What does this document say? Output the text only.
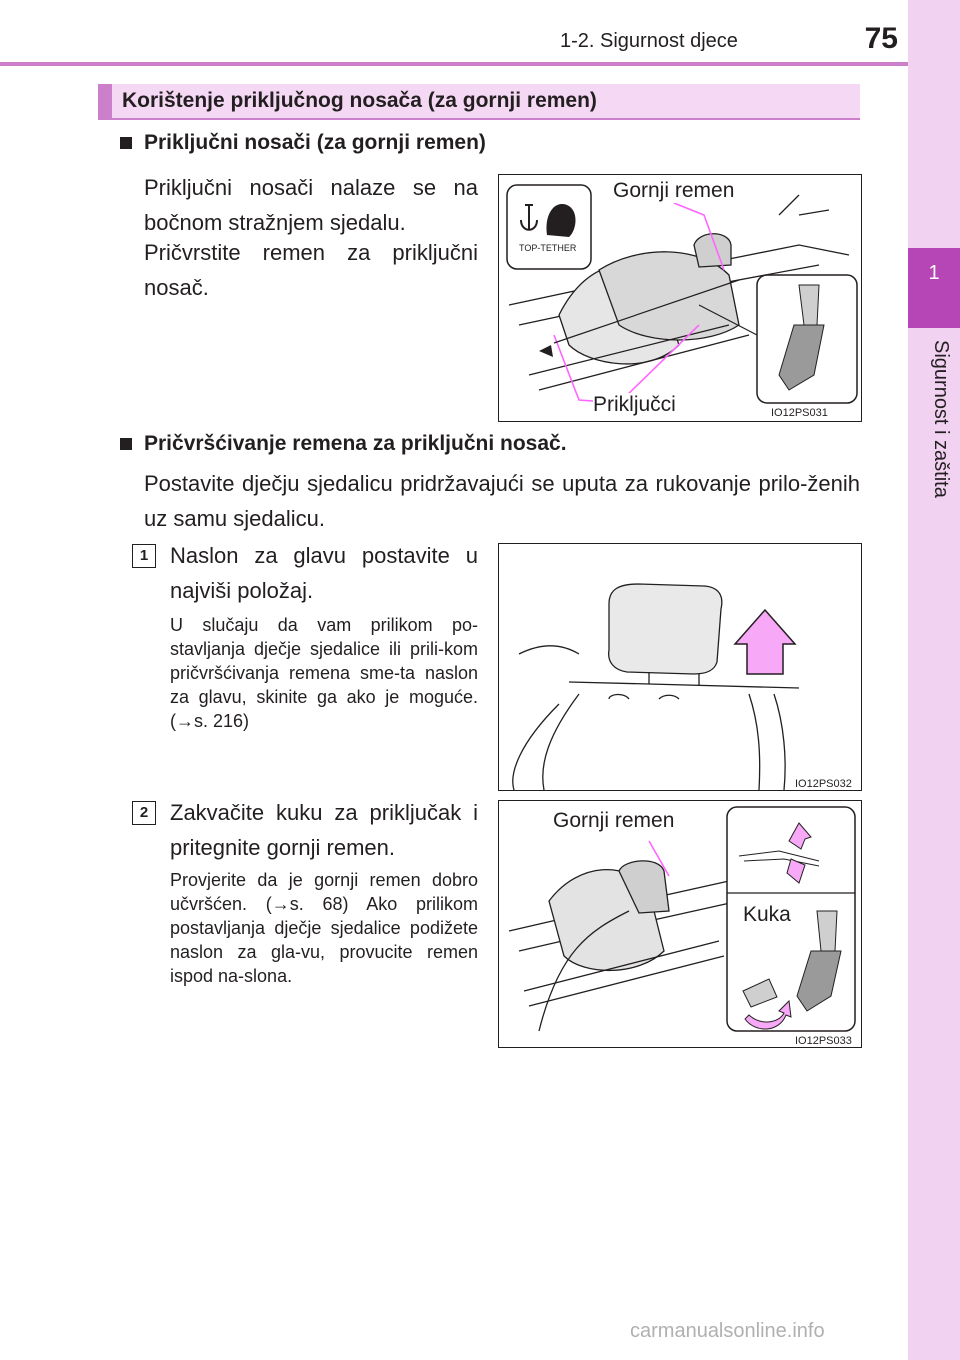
1-2. Sigurnost djece	75
1
Sigurnost i zaštita
Korištenje priključnog nosača (za gornji remen)
Priključni nosači (za gornji remen)
Priključni nosači nalaze se na bočnom stražnjem sjedalu.
Pričvrstite remen za priključni nosač.
TOP-TETHER
Gornji remen
Priključci	IO12PS031
Pričvršćivanje remena za priključni nosač.
Postavite dječju sjedalicu pridržavajući se uputa za rukovanje prilo-ženih uz samu sjedalicu.
1 Naslon za glavu postavite u najviši položaj.
U slučaju da vam prilikom po-stavljanja dječje sjedalice ili prili-kom pričvršćivanja remena sme-ta naslon za glavu, skinite ga ako je moguće. (→s. 216)
IO12PS032
2 Zakvačite kuku za priključak i pritegnite gornji remen.
Provjerite da je gornji remen dobro učvršćen. (→s. 68) Ako prilikom postavljanja dječje sjedalice podižete naslon za gla-vu, provucite remen ispod na-slona.
Gornji remen
Kuka
IO12PS033
carmanualsonline.info
